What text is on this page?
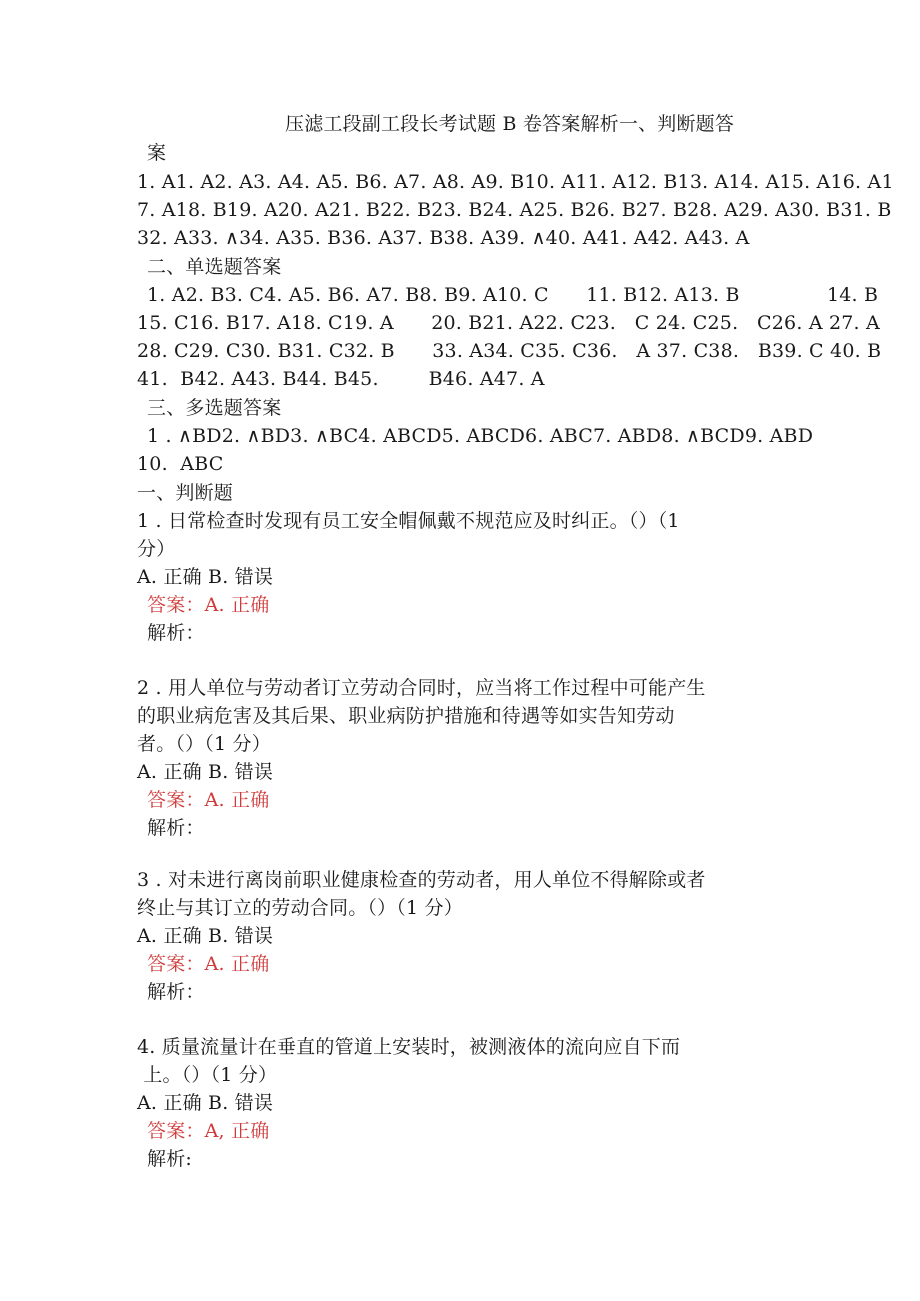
压滤工段副工段长考试题 B 卷答案解析一、判断题答
案
1. A1. A2. A3. A4. A5. B6. A7. A8. A9. B10. A11. A12. B13. A14. A15. A16. A1
7. A18. B19. A20. A21. B22. B23. B24. A25. B26. B27. B28. A29. A30. B31. B
32. A33. ∧34. A35. B36. A37. B38. A39. ∧40. A41. A42. A43. A
二、单选题答案
1. A2. B3. C4. A5. B6. A7. B8. B9. A10. C      11. B12. A13. B              14. B
15. C16. B17. A18. C19. A      20. B21. A22. C23.   C 24. C25.   C26. A 27. A
28. C29. C30. B31. C32. B      33. A34. C35. C36.   A 37. C38.   B39. C 40. B
41.  B42. A43. B44. B45.        B46. A47. A
三、多选题答案
1 . ∧BD2. ∧BD3. ∧BC4. ABCD5. ABCD6. ABC7. ABD8. ∧BCD9. ABD
10.  ABC
一、判断题
1 . 日常检查时发现有员工安全帽佩戴不规范应及时纠正。（）（1
分）
A. 正确 B. 错误
答案：A. 正确
解析：
2 . 用人单位与劳动者订立劳动合同时，应当将工作过程中可能产生
的职业病危害及其后果、职业病防护措施和待遇等如实告知劳动
者。（）（1 分）
A. 正确 B. 错误
答案：A. 正确
解析：
3 . 对未进行离岗前职业健康检查的劳动者，用人单位不得解除或者
终止与其订立的劳动合同。（）（1 分）
A. 正确 B. 错误
答案：A. 正确
解析：
4. 质量流量计在垂直的管道上安装时，被测液体的流向应自下而
上。（）（1 分）
A. 正确 B. 错误
答案：A, 正确
解析:
